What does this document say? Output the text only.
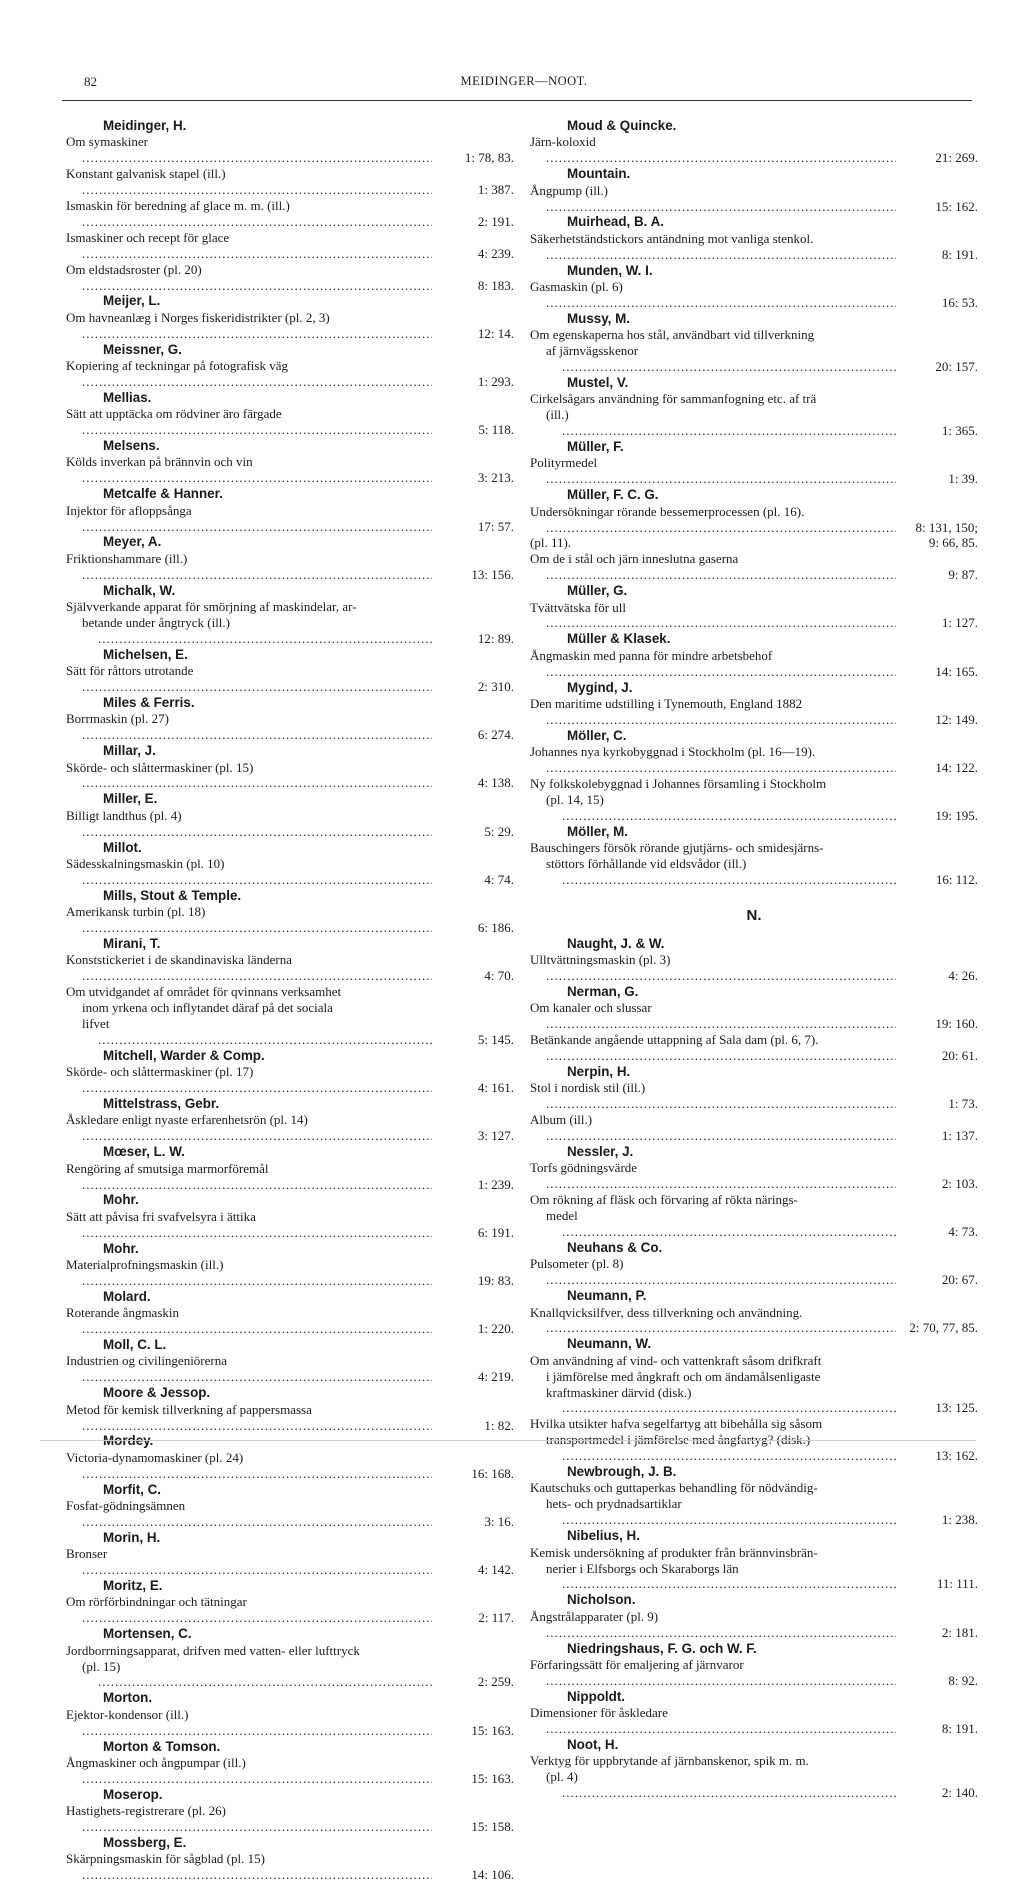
82	MEIDINGER—NOOT.
Meidinger, H.
Om symaskiner
.....
1: 78, 83.
Konstant galvanisk stapel (ill.)
.....
1: 387.
Ismaskin för beredning af glace m. m. (ill.)
.....
2: 191.
Ismaskiner och recept för glace
.....
4: 239.
Om eldstadsroster (pl. 20)
.....
8: 183.
Meijer, L.
Om havneanlæg i Norges fiskeridistrikter (pl. 2, 3)
.....
12: 14.
Meissner, G.
Kopiering af teckningar på fotografisk väg
.....
1: 293.
Mellias.
Sätt att upptäcka om rödviner äro färgade
.....
5: 118.
Melsens.
Kölds inverkan på brännvin och vin
.....
3: 213.
Metcalfe & Hanner.
Injektor för afloppsånga
.....
17: 57.
Meyer, A.
Friktionshammare (ill.)
.....
13: 156.
Michalk, W.
Självverkande apparat för smörjning af maskindelar, ar-
betande under ångtryck (ill.)
.....
12: 89.
Michelsen, E.
Sätt för råttors utrotande
.....
2: 310.
Miles & Ferris.
Borrmaskin (pl. 27)
.....
6: 274.
Millar, J.
Skörde- och slåttermaskiner (pl. 15)
.....
4: 138.
Miller, E.
Billigt landthus (pl. 4)
.....
5: 29.
Millot.
Sädesskalningsmaskin (pl. 10)
.....
4: 74.
Mills, Stout & Temple.
Amerikansk turbin (pl. 18)
.....
6: 186.
Mirani, T.
Konststickeriet i de skandinaviska länderna
.....
4: 70.
Om utvidgandet af området för qvinnans verksamhet
inom yrkena och inflytandet däraf på det sociala
lifvet
.....
5: 145.
Mitchell, Warder & Comp.
Skörde- och slåttermaskiner (pl. 17)
.....
4: 161.
Mittelstrass, Gebr.
Åskledare enligt nyaste erfarenhetsrön (pl. 14)
.....
3: 127.
Mœser, L. W.
Rengöring af smutsiga marmorföremål
.....
1: 239.
Mohr.
Sätt att påvisa fri svafvelsyra i ättika
.....
6: 191.
Mohr.
Materialprofningsmaskin (ill.)
.....
19: 83.
Molard.
Roterande ångmaskin
.....
1: 220.
Moll, C. L.
Industrien og civilingeniörerna
.....
4: 219.
Moore & Jessop.
Metod för kemisk tillverkning af pappersmassa
.....
1: 82.
Mordey.
Victoria-dynamomaskiner (pl. 24)
.....
16: 168.
Morfit, C.
Fosfat-gödningsämnen
.....
3: 16.
Morin, H.
Bronser
.....
4: 142.
Moritz, E.
Om rörförbindningar och tätningar
.....
2: 117.
Mortensen, C.
Jordborrningsapparat, drifven med vatten- eller lufttryck
(pl. 15)
.....
2: 259.
Morton.
Ejektor-kondensor (ill.)
.....
15: 163.
Morton & Tomson.
Ångmaskiner och ångpumpar (ill.)
.....
15: 163.
Moserop.
Hastighets-registrerare (pl. 26)
.....
15: 158.
Mossberg, E.
Skärpningsmaskin för sågblad (pl. 15)
.....
14: 106.
Moud & Quincke.
Järn-koloxid
.....
21: 269.
Mountain.
Ångpump (ill.)
.....
15: 162.
Muirhead, B. A.
Säkerhetständstickors antändning mot vanliga stenkol.
.....
8: 191.
Munden, W. I.
Gasmaskin (pl. 6)
.....
16: 53.
Mussy, M.
Om egenskaperna hos stål, användbart vid tillverkning
af järnvägsskenor
.....
20: 157.
Mustel, V.
Cirkelsågars användning för sammanfogning etc. af trä
(ill.)
.....
1: 365.
Müller, F.
Polityrmedel
.....
1: 39.
Müller, F. C. G.
Undersökningar rörande bessemerprocessen (pl. 16).
.....
8: 131, 150;
(pl. 11).	9: 66, 85.
Om de i stål och järn inneslutna gaserna
.....
9: 87.
Müller, G.
Tvättvätska för ull
.....
1: 127.
Müller & Klasek.
Ångmaskin med panna för mindre arbetsbehof
.....
14: 165.
Mygind, J.
Den maritime udstilling i Tynemouth, England 1882
.....
12: 149.
Möller, C.
Johannes nya kyrkobyggnad i Stockholm (pl. 16—19).
.....
14: 122.
Ny folkskolebyggnad i Johannes församling i Stockholm
(pl. 14, 15)
.....
19: 195.
Möller, M.
Bauschingers försök rörande gjutjärns- och smidesjärns-
stöttors förhållande vid eldsvådor (ill.)
.....
16: 112.
N.
Naught, J. & W.
Ulltvättningsmaskin (pl. 3)
.....
4: 26.
Nerman, G.
Om kanaler och slussar
.....
19: 160.
Betänkande angående uttappning af Sala dam (pl. 6, 7).
.....
20: 61.
Nerpin, H.
Stol i nordisk stil (ill.)
.....
1: 73.
Album (ill.)
.....
1: 137.
Nessler, J.
Torfs gödningsvärde
.....
2: 103.
Om rökning af fläsk och förvaring af rökta närings-
medel
.....
4: 73.
Neuhans & Co.
Pulsometer (pl. 8)
.....
20: 67.
Neumann, P.
Knallqvicksilfver, dess tillverkning och användning.
.....
2: 70, 77, 85.
Neumann, W.
Om användning af vind- och vattenkraft såsom drifkraft
i jämförelse med ångkraft och om ändamålsenligaste
kraftmaskiner därvid (disk.)
.....
13: 125.
Hvilka utsikter hafva segelfartyg att bibehålla sig såsom
transportmedel i jämförelse med ångfartyg? (disk.)
.....
13: 162.
Newbrough, J. B.
Kautschuks och guttaperkas behandling för nödvändig-
hets- och prydnadsartiklar
.....
1: 238.
Nibelius, H.
Kemisk undersökning af produkter från brännvinsbrän-
nerier i Elfsborgs och Skaraborgs län
.....
11: 111.
Nicholson.
Ångstrålapparater (pl. 9)
.....
2: 181.
Niedringshaus, F. G. och W. F.
Förfaringssätt för emaljering af järnvaror
.....
8: 92.
Nippoldt.
Dimensioner för åskledare
.....
8: 191.
Noot, H.
Verktyg för uppbrytande af järnbanskenor, spik m. m.
(pl. 4)
.....
2: 140.
